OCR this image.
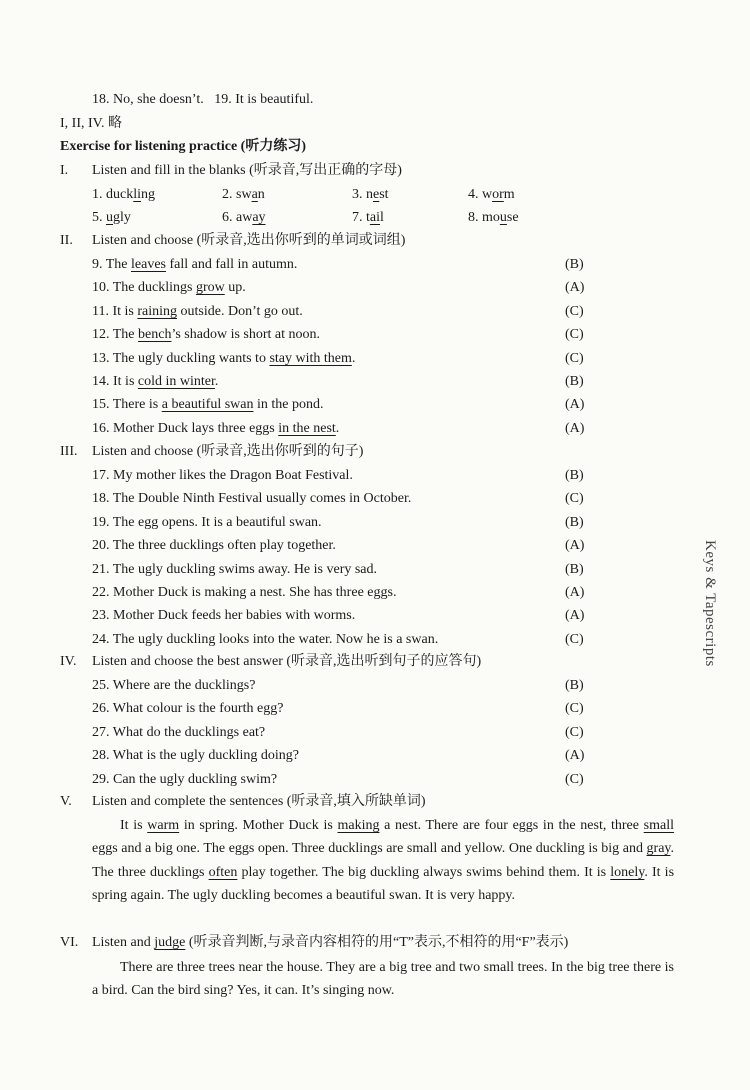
18. No, she doesn’t. 19. It is beautiful.
I, II, IV. 略
Exercise for listening practice (听力练习)
I. Listen and fill in the blanks (听录音,写出正确的字母)
1. duckling	2. swan	3. nest	4. worm
5. ugly	6. away	7. tail	8. mouse
II. Listen and choose (听录音,选出你听到的单词或词组)
9. The leaves fall and fall in autumn.	(B)
10. The ducklings grow up.	(A)
11. It is raining outside. Don’t go out.	(C)
12. The bench’s shadow is short at noon.	(C)
13. The ugly duckling wants to stay with them.	(C)
14. It is cold in winter.	(B)
15. There is a beautiful swan in the pond.	(A)
16. Mother Duck lays three eggs in the nest.	(A)
III. Listen and choose (听录音,选出你听到的句子)
17. My mother likes the Dragon Boat Festival.	(B)
18. The Double Ninth Festival usually comes in October.	(C)
19. The egg opens. It is a beautiful swan.	(B)
20. The three ducklings often play together.	(A)
21. The ugly duckling swims away. He is very sad.	(B)
22. Mother Duck is making a nest. She has three eggs.	(A)
23. Mother Duck feeds her babies with worms.	(A)
24. The ugly duckling looks into the water. Now he is a swan.	(C)
IV. Listen and choose the best answer (听录音,选出听到句子的应答句)
25. Where are the ducklings?	(B)
26. What colour is the fourth egg?	(C)
27. What do the ducklings eat?	(C)
28. What is the ugly duckling doing?	(A)
29. Can the ugly duckling swim?	(C)
V. Listen and complete the sentences (听录音,填入所缺单词)
It is warm in spring. Mother Duck is making a nest. There are four eggs in the nest, three small eggs and a big one. The eggs open. Three ducklings are small and yellow. One duckling is big and gray. The three ducklings often play together. The big duckling always swims behind them. It is lonely. It is spring again. The ugly duckling becomes a beautiful swan. It is very happy.
VI. Listen and judge (听录音判断,与录音内容相符的用“T”表示,不相符的用“F”表示)
There are three trees near the house. They are a big tree and two small trees. In the big tree there is a bird. Can the bird sing? Yes, it can. It’s singing now.
Keys & Tapescripts
